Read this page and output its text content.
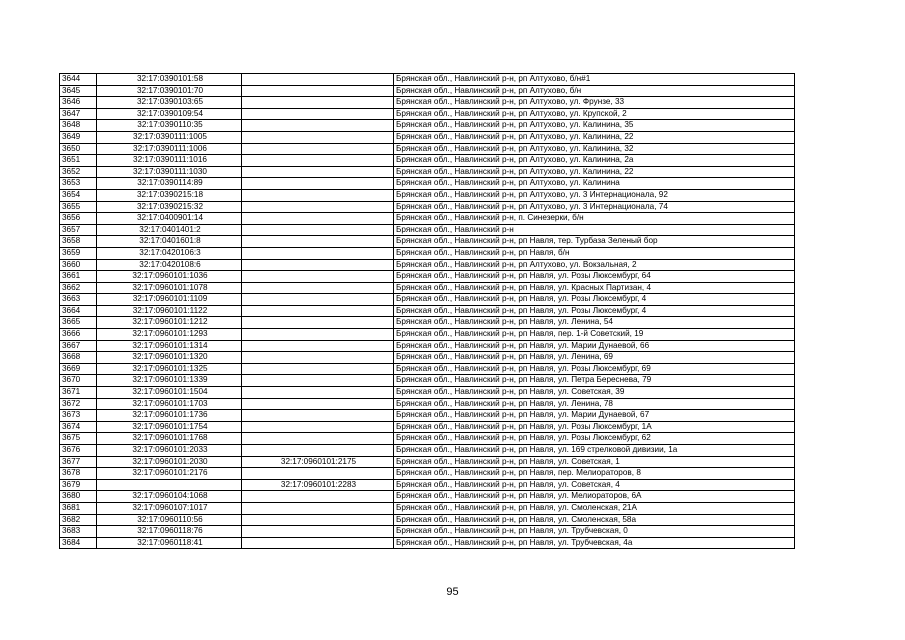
3644	32:17:0390101:58		Брянская обл., Навлинский р-н, рп Алтухово, б/н#1
3645	32:17:0390101:70		Брянская обл., Навлинский р-н, рп Алтухово, б/н
3646	32:17:0390103:65		Брянская обл., Навлинский р-н, рп Алтухово, ул. Фрунзе, 33
3647	32:17:0390109:54		Брянская обл., Навлинский р-н, рп Алтухово, ул. Крупской, 2
3648	32:17:0390110:35		Брянская обл., Навлинский р-н, рп Алтухово, ул. Калинина, 35
3649	32:17:0390111:1005		Брянская обл., Навлинский р-н, рп Алтухово, ул. Калинина, 22
3650	32:17:0390111:1006		Брянская обл., Навлинский р-н, рп Алтухово, ул. Калинина, 32
3651	32:17:0390111:1016		Брянская обл., Навлинский р-н, рп Алтухово, ул. Калинина, 2а
3652	32:17:0390111:1030		Брянская обл., Навлинский р-н, рп Алтухово, ул. Калинина, 22
3653	32:17:0390114:89		Брянская обл., Навлинский р-н, рп Алтухово, ул. Калинина
3654	32:17:0390215:18		Брянская обл., Навлинский р-н, рп Алтухово, ул. 3 Интернационала, 92
3655	32:17:0390215:32		Брянская обл., Навлинский р-н, рп Алтухово, ул. 3 Интернационала, 74
3656	32:17:0400901:14		Брянская обл., Навлинский р-н, п. Синезерки, б/н
3657	32:17:0401401:2		Брянская обл., Навлинский р-н
3658	32:17:0401601:8		Брянская обл., Навлинский р-н, рп Навля, тер. Турбаза Зеленый бор
3659	32:17:0420106:3		Брянская обл., Навлинский р-н, рп Навля, б/н
3660	32:17:0420108:6		Брянская обл., Навлинский р-н, рп Алтухово, ул. Вокзальная, 2
3661	32:17:0960101:1036		Брянская обл., Навлинский р-н, рп Навля, ул. Розы Люксембург, 64
3662	32:17:0960101:1078		Брянская обл., Навлинский р-н, рп Навля, ул. Красных Партизан, 4
3663	32:17:0960101:1109		Брянская обл., Навлинский р-н, рп Навля, ул. Розы Люксембург, 4
3664	32:17:0960101:1122		Брянская обл., Навлинский р-н, рп Навля, ул. Розы Люксембург, 4
3665	32:17:0960101:1212		Брянская обл., Навлинский р-н, рп Навля, ул. Ленина, 54
3666	32:17:0960101:1293		Брянская обл., Навлинский р-н, рп Навля, пер. 1-й Советский, 19
3667	32:17:0960101:1314		Брянская обл., Навлинский р-н, рп Навля, ул. Марии Дунаевой, 66
3668	32:17:0960101:1320		Брянская обл., Навлинский р-н, рп Навля, ул. Ленина, 69
3669	32:17:0960101:1325		Брянская обл., Навлинский р-н, рп Навля, ул. Розы Люксембург, 69
3670	32:17:0960101:1339		Брянская обл., Навлинский р-н, рп Навля, ул. Петра Береснева, 79
3671	32:17:0960101:1504		Брянская обл., Навлинский р-н, рп Навля, ул. Советская, 39
3672	32:17:0960101:1703		Брянская обл., Навлинский р-н, рп Навля, ул. Ленина, 78
3673	32:17:0960101:1736		Брянская обл., Навлинский р-н, рп Навля, ул. Марии Дунаевой, 67
3674	32:17:0960101:1754		Брянская обл., Навлинский р-н, рп Навля, ул. Розы Люксембург, 1А
3675	32:17:0960101:1768		Брянская обл., Навлинский р-н, рп Навля, ул. Розы Люксембург, 62
3676	32:17:0960101:2033		Брянская обл., Навлинский р-н, рп Навля, ул. 169 стрелковой дивизии, 1а
3677	32:17:0960101:2030	32:17:0960101:2175	Брянская обл., Навлинский р-н, рп Навля, ул. Советская, 1
3678	32:17:0960101:2176		Брянская обл., Навлинский р-н, рп Навля, пер. Мелиораторов, 8
3679		32:17:0960101:2283	Брянская обл., Навлинский р-н, рп Навля, ул. Советская, 4
3680	32:17:0960104:1068		Брянская обл., Навлинский р-н, рп Навля, ул. Мелиораторов, 6А
3681	32:17:0960107:1017		Брянская обл., Навлинский р-н, рп Навля, ул. Смоленская, 21А
3682	32:17:0960110:56		Брянская обл., Навлинский р-н, рп Навля, ул. Смоленская, 58а
3683	32:17:0960118:76		Брянская обл., Навлинский р-н, рп Навля, ул. Трубчевская, 0
3684	32:17:0960118:41		Брянская обл., Навлинский р-н, рп Навля, ул. Трубчевская, 4а
95
